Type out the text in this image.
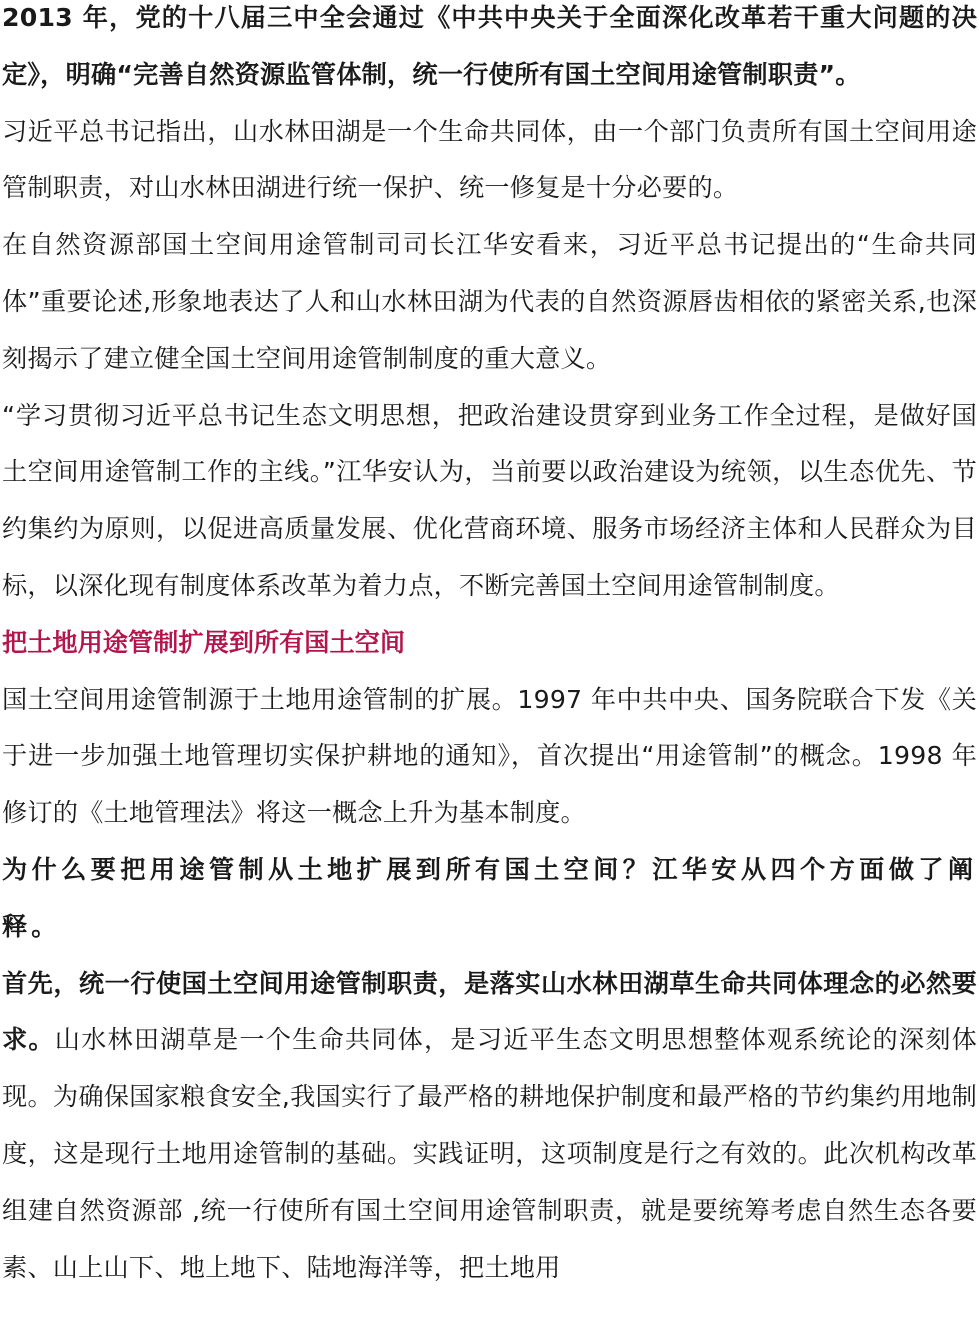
2013 年，党的十八届三中全会通过《中共中央关于全面深化改革若干重大问题的决定》，明确“完善自然资源监管体制，统一行使所有国土空间用途管制职责”。

习近平总书记指出，山水林田湖是一个生命共同体，由一个部门负责所有国土空间用途管制职责，对山水林田湖进行统一保护、统一修复是十分必要的。

在自然资源部国土空间用途管制司司长江华安看来，习近平总书记提出的“生命共同体”重要论述,形象地表达了人和山水林田湖为代表的自然资源唇齿相依的紧密关系,也深刻揭示了建立健全国土空间用途管制制度的重大意义。

“学习贯彻习近平总书记生态文明思想，把政治建设贯穿到业务工作全过程，是做好国土空间用途管制工作的主线。”江华安认为，当前要以政治建设为统领，以生态优先、节约集约为原则，以促进高质量发展、优化营商环境、服务市场经济主体和人民群众为目标，以深化现有制度体系改革为着力点，不断完善国土空间用途管制制度。

把土地用途管制扩展到所有国土空间

国土空间用途管制源于土地用途管制的扩展。1997 年中共中央、国务院联合下发《关于进一步加强土地管理切实保护耕地的通知》，首次提出“用途管制”的概念。1998 年修订的《土地管理法》将这一概念上升为基本制度。

为什么要把用途管制从土地扩展到所有国土空间？江华安从四个方面做了阐释。

首先，统一行使国土空间用途管制职责，是落实山水林田湖草生命共同体理念的必然要求。山水林田湖草是一个生命共同体，是习近平生态文明思想整体观系统论的深刻体现。为确保国家粮食安全,我国实行了最严格的耕地保护制度和最严格的节约集约用地制度，这是现行土地用途管制的基础。实践证明，这项制度是行之有效的。此次机构改革组建自然资源部 ,统一行使所有国土空间用途管制职责，就是要统筹考虑自然生态各要素、山上山下、地上地下、陆地海洋等，把土地用
